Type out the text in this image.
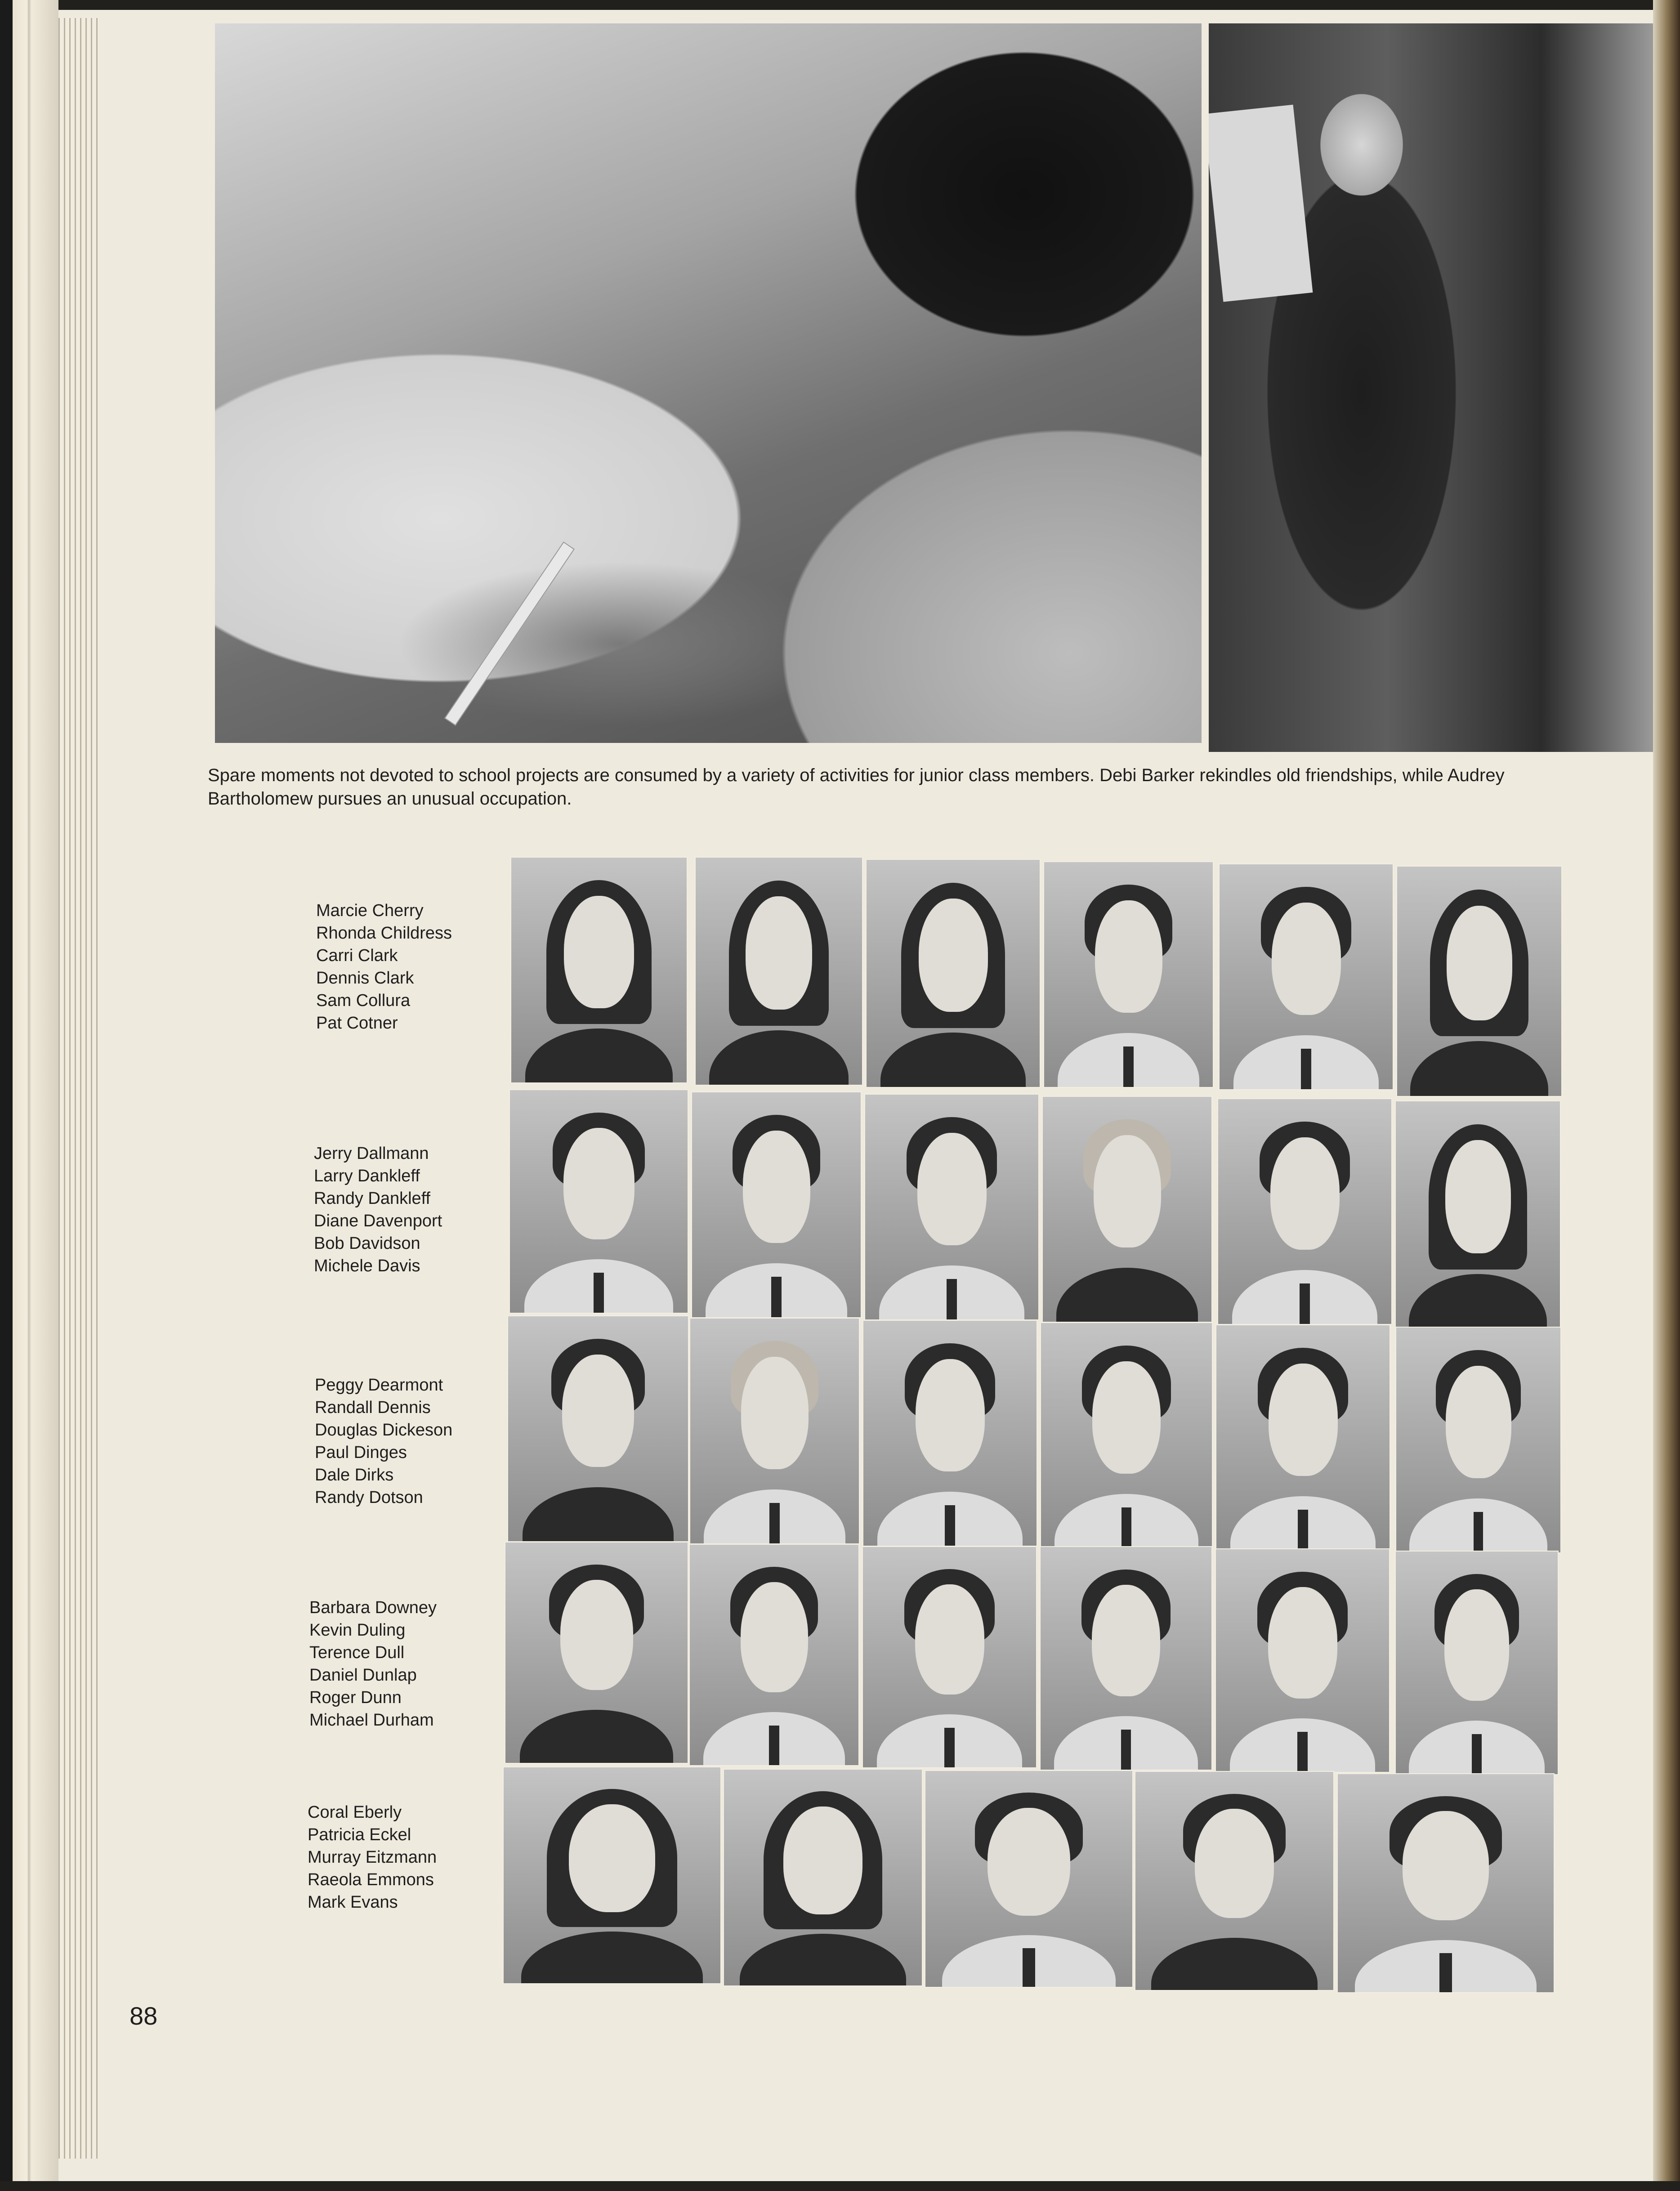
Spare moments not devoted to school projects are consumed by a variety of activities for junior class members. Debi Barker rekindles old friendships, while Audrey Bartholomew pursues an unusual occupation.
Marcie Cherry
Rhonda Childress
Carri Clark
Dennis Clark
Sam Collura
Pat Cotner
Jerry Dallmann
Larry Dankleff
Randy Dankleff
Diane Davenport
Bob Davidson
Michele Davis
Peggy Dearmont
Randall Dennis
Douglas Dickeson
Paul Dinges
Dale Dirks
Randy Dotson
Barbara Downey
Kevin Duling
Terence Dull
Daniel Dunlap
Roger Dunn
Michael Durham
Coral Eberly
Patricia Eckel
Murray Eitzmann
Raeola Emmons
Mark Evans
88
